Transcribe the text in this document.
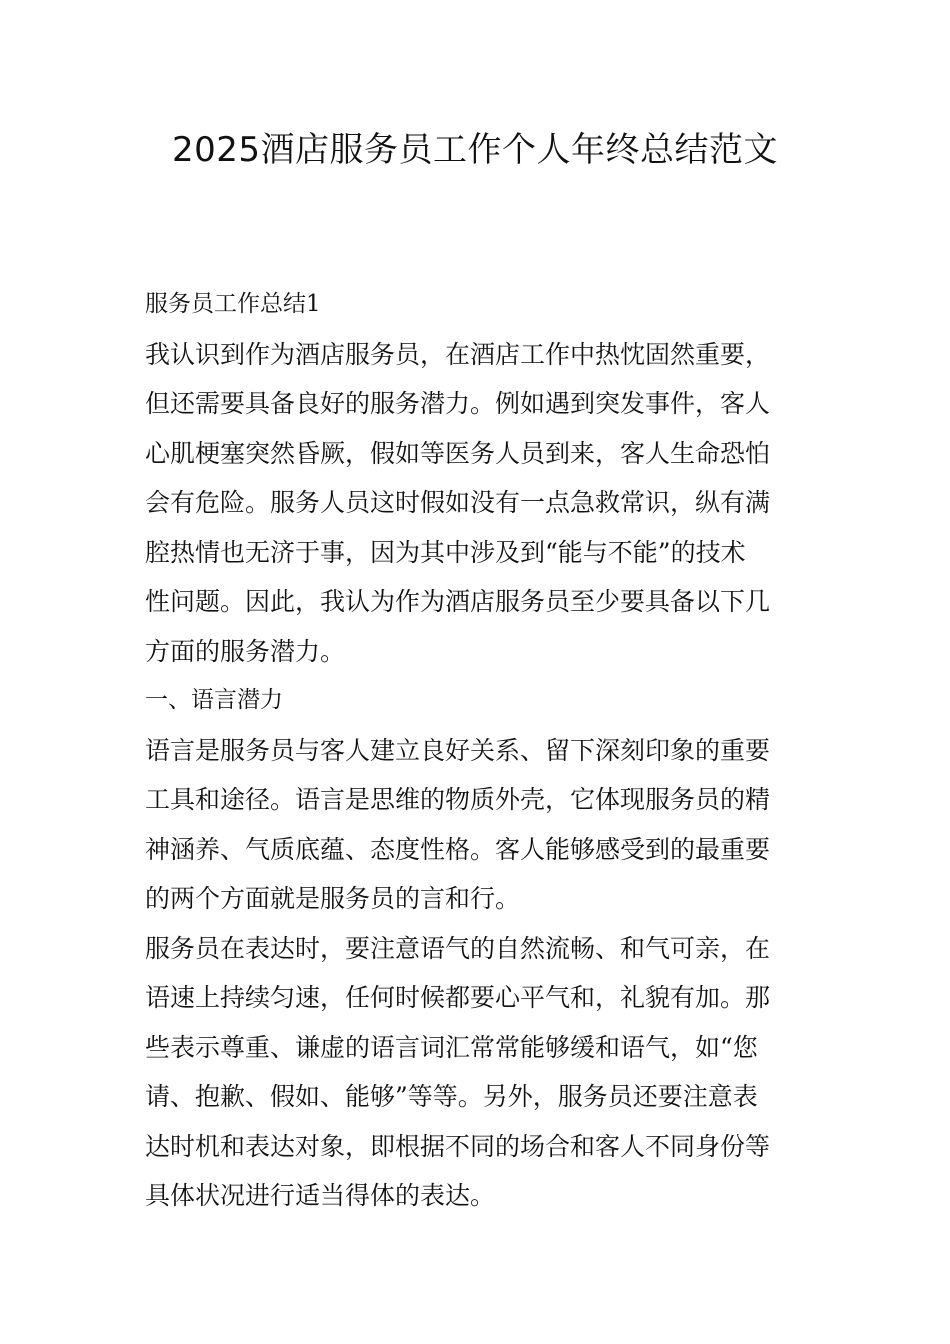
2025酒店服务员工作个人年终总结范文
服务员工作总结1
我认识到作为酒店服务员，在酒店工作中热忱固然重要，
但还需要具备良好的服务潜力。例如遇到突发事件，客人
心肌梗塞突然昏厥，假如等医务人员到来，客人生命恐怕
会有危险。服务人员这时假如没有一点急救常识，纵有满
腔热情也无济于事，因为其中涉及到“能与不能”的技术
性问题。因此，我认为作为酒店服务员至少要具备以下几
方面的服务潜力。
一、语言潜力
语言是服务员与客人建立良好关系、留下深刻印象的重要
工具和途径。语言是思维的物质外壳，它体现服务员的精
神涵养、气质底蕴、态度性格。客人能够感受到的最重要
的两个方面就是服务员的言和行。
服务员在表达时，要注意语气的自然流畅、和气可亲，在
语速上持续匀速，任何时候都要心平气和，礼貌有加。那
些表示尊重、谦虚的语言词汇常常能够缓和语气，如“您
请、抱歉、假如、能够”等等。另外，服务员还要注意表
达时机和表达对象，即根据不同的场合和客人不同身份等
具体状况进行适当得体的表达。
